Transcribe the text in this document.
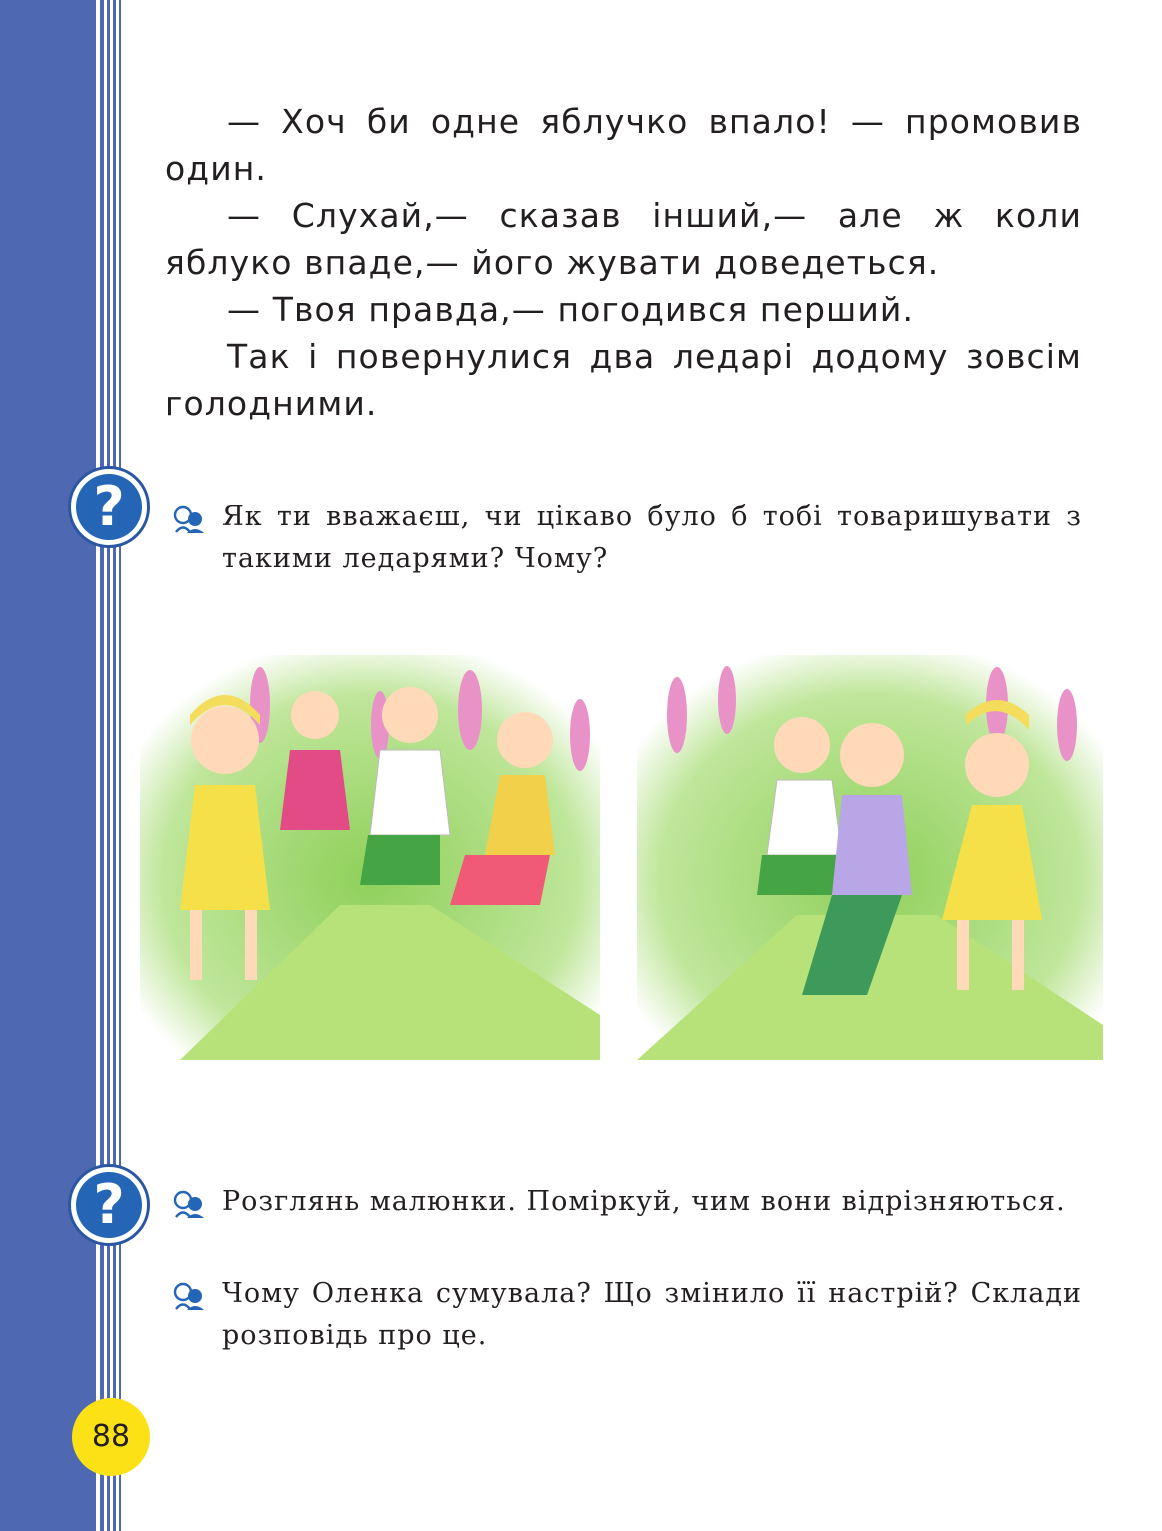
— Хоч би одне яблучко впало! — промовив один.

— Слухай,— сказав інший,— але ж коли яблуко впаде,— його жувати доведеться.

— Твоя правда,— погодився перший.

Так і повернулися два ледарі додому зовсім голодними.

?	Як ти вважаєш, чи цікаво було б тобі товаришувати з такими ледарями? Чому?
?	Розглянь малюнки. Поміркуй, чим вони відрізняються.
Чому Оленка сумувала? Що змінило її настрій? Склади розповідь про це.
88
